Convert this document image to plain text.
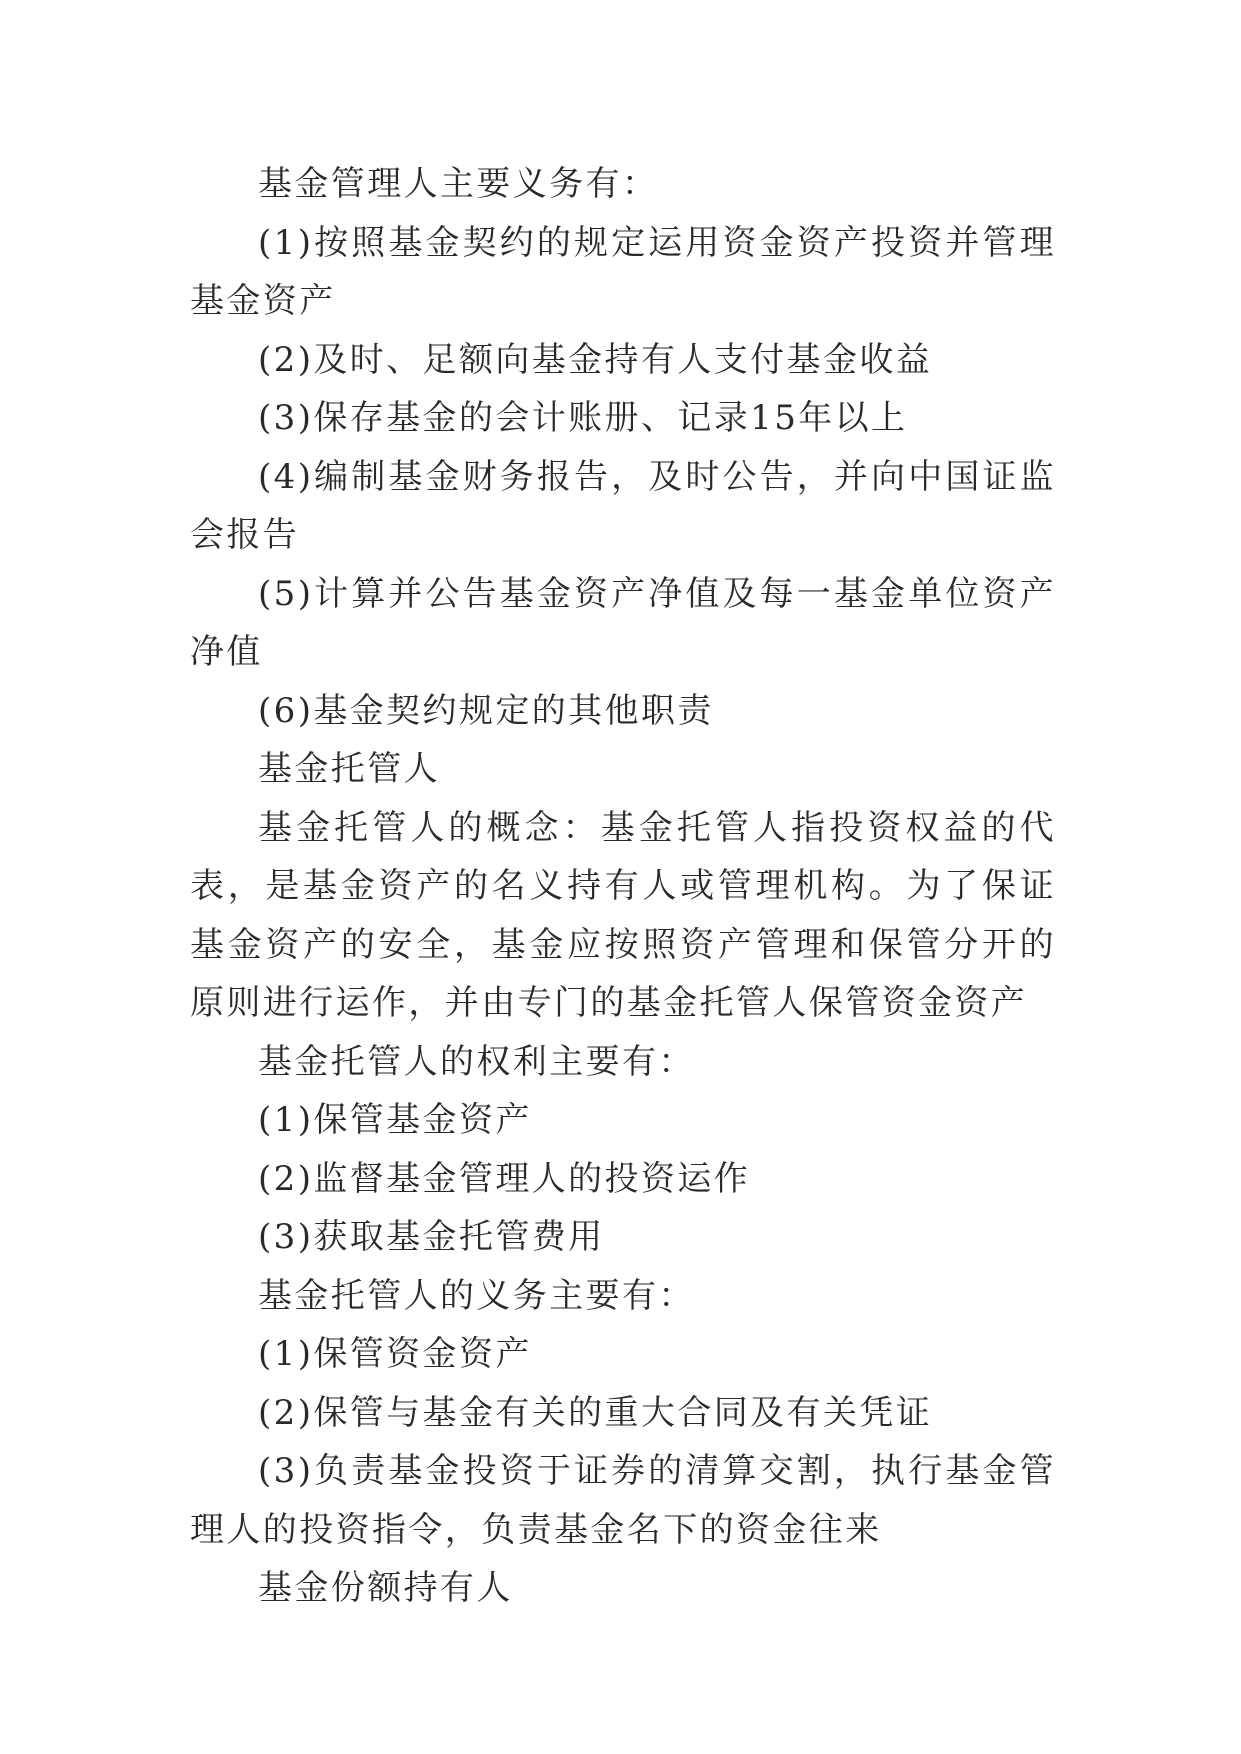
基金管理人主要义务有：

(1)按照基金契约的规定运用资金资产投资并管理基金资产

(2)及时、足额向基金持有人支付基金收益

(3)保存基金的会计账册、记录15年以上

(4)编制基金财务报告，及时公告，并向中国证监会报告

(5)计算并公告基金资产净值及每一基金单位资产净值

(6)基金契约规定的其他职责

基金托管人

基金托管人的概念：基金托管人指投资权益的代表，是基金资产的名义持有人或管理机构。为了保证基金资产的安全，基金应按照资产管理和保管分开的原则进行运作，并由专门的基金托管人保管资金资产

基金托管人的权利主要有：

(1)保管基金资产

(2)监督基金管理人的投资运作

(3)获取基金托管费用

基金托管人的义务主要有：

(1)保管资金资产

(2)保管与基金有关的重大合同及有关凭证

(3)负责基金投资于证券的清算交割，执行基金管理人的投资指令，负责基金名下的资金往来

基金份额持有人
